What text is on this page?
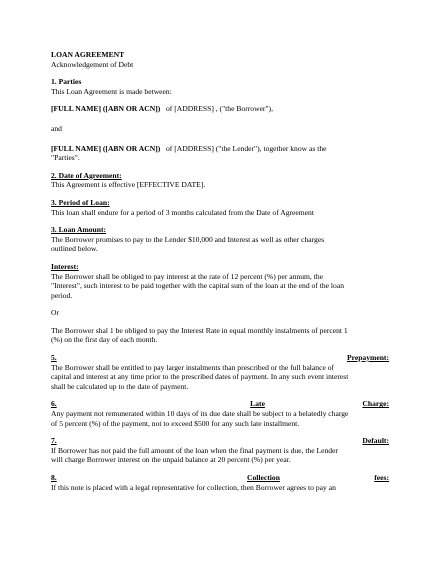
LOAN AGREEMENT

Acknowledgement of Debt

1. Parties

This Loan Agreement is made between:

[FULL NAME] ([ABN OR ACN]) of [ADDRESS] , ("the Borrower"),

and

[FULL NAME] ([ABN OR ACN]) of [ADDRESS] ("the Lender"), together know as the

"Parties".

2. Date of Agreement:

This Agreement is effective [EFFECTIVE DATE].

3. Period of Loan:

This loan shall endure for a period of 3 months calculated from the Date of Agreement

3. Loan Amount:

The Borrower promises to pay to the Lender $10,000 and Interest as well as other charges

outlined below.

Interest:

The Borrower shall be obliged to pay interest at the rate of 12 percent (%) per annum, the

"Interest", such interest to be paid together with the capital sum of the loan at the end of the loan

period.

Or

The Borrower shal 1 be obliged to pay the Interest Rate in equal monthly instalments of percent 1

(%) on the first day of each month.

5.	Prepayment:

The Borrower shall be entitled to pay larger instalments than prescribed or the full balance of

capital and interest at any time prior to the prescribed dates of payment. In any such event interest

shall be calculated up to the date of payment.

6.	Late	Charge:

Any payment not remunerated within 10 days of its due date shall be subject to a belatedly charge

of 5 percent (%) of the payment, not to exceed $500 for any such late installment.

7.	Default:

If Borrower has not paid the full amount of the loan when the final payment is due, the Lender

will charge Borrower interest on the unpaid balance at 20 percent (%) per year.

8.	Collection	fees:

If this note is placed with a legal representative for collection, then Borrower agrees to pay an
